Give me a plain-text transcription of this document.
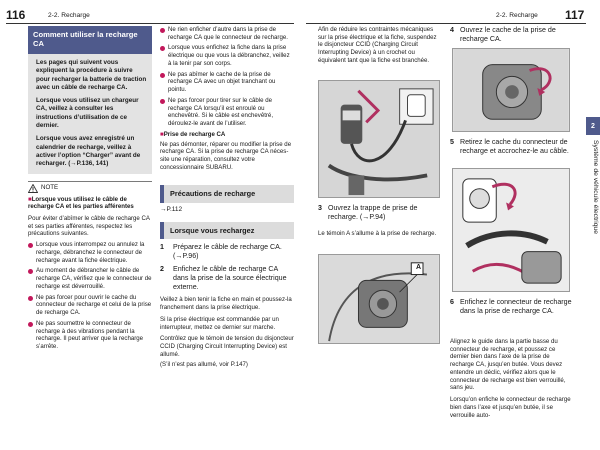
116	2-2. Recharge	2-2. Recharge 117
Comment utiliser la recharge CA

Les pages qui suivent vous expliquent la procédure à suivre pour recharger la batterie de traction avec un câble de recharge CA.

Lorsque vous utilisez un chargeur CA, veillez à consulter les instructions d’utilisation de ce dernier.

Lorsque vous avez enregistré un calendrier de recharge, veillez à activer l’option “Charger” avant de recharger. (→P.136, 141)

NOTE
■Lorsque vous utilisez le câble de recharge CA et les parties afférentes
Pour éviter d’abîmer le câble de recharge CA et ses parties afférentes, respectez les précautions suivantes.
Lorsque vous interrompez ou annulez la recharge, débranchez le connecteur de recharge avant la fiche électrique.
Au moment de débrancher le câble de recharge CA, vérifiez que le connecteur de recharge est déverrouillé.
Ne pas forcer pour ouvrir le cache du connecteur de recharge et celui de la prise de recharge CA.
Ne pas soumettre le connecteur de recharge à des vibrations pendant la recharge. Il peut arriver que la recharge s’arrête.
Ne rien enficher d’autre dans la prise de recharge CA que le connecteur de recharge.
Lorsque vous enfichez la fiche dans la prise électrique ou que vous la débranchez, veillez à la tenir par son corps.
Ne pas abîmer le cache de la prise de recharge CA avec un objet tranchant ou pointu.
Ne pas forcer pour tirer sur le câble de recharge CA lorsqu’il est enroulé ou enchevêtré. Si le câble est enchevêtré, déroulez-le avant de l’utiliser.
■Prise de recharge CA
Ne pas démonter, réparer ou modifier la prise de recharge CA. Si la prise de recharge CA nécessite une réparation, consultez votre concessionnaire SUBARU.
Précautions de recharge
→P.112
Lorsque vous rechargez
1	Préparez le câble de recharge CA. (→P.96)
2	Enfichez le câble de recharge CA dans la prise de la source électrique externe.
Veillez à bien tenir la fiche en main et poussez-la franchement dans la prise électrique.
Si la prise électrique est commandée par un interrupteur, mettez ce dernier sur marche.
Contrôlez que le témoin de tension du disjoncteur CCID (Charging Circuit Interrupting Device) est allumé.
(S’il n’est pas allumé, voir P.147)
Afin de réduire les contraintes mécaniques sur la prise électrique et la fiche, suspendez le disjoncteur CCID (Charging Circuit Interrupting Device) à un crochet ou équivalent tant que la fiche est branchée.
3 Ouvrez la trappe de prise de recharge. (→P.94)
Le témoin A s’allume à la prise de recharge.
A
4 Ouvrez le cache de la prise de recharge CA.
5 Retirez le cache du connecteur de recharge et accrochez-le au câble.
6 Enfichez le connecteur de recharge dans la prise de recharge CA.
Alignez le guide dans la partie basse du connecteur de recharge, et poussez ce dernier bien dans l’axe de la prise de recharge CA, jusqu’en butée. Vous devez entendre un déclic, vérifiez alors que le connecteur de recharge est bien verrouillé, sans jeu.
Lorsqu’on enfiche le connecteur de recharge bien dans l’axe et jusqu’en butée, il se verrouille auto-
2
Système de véhicule électrique
